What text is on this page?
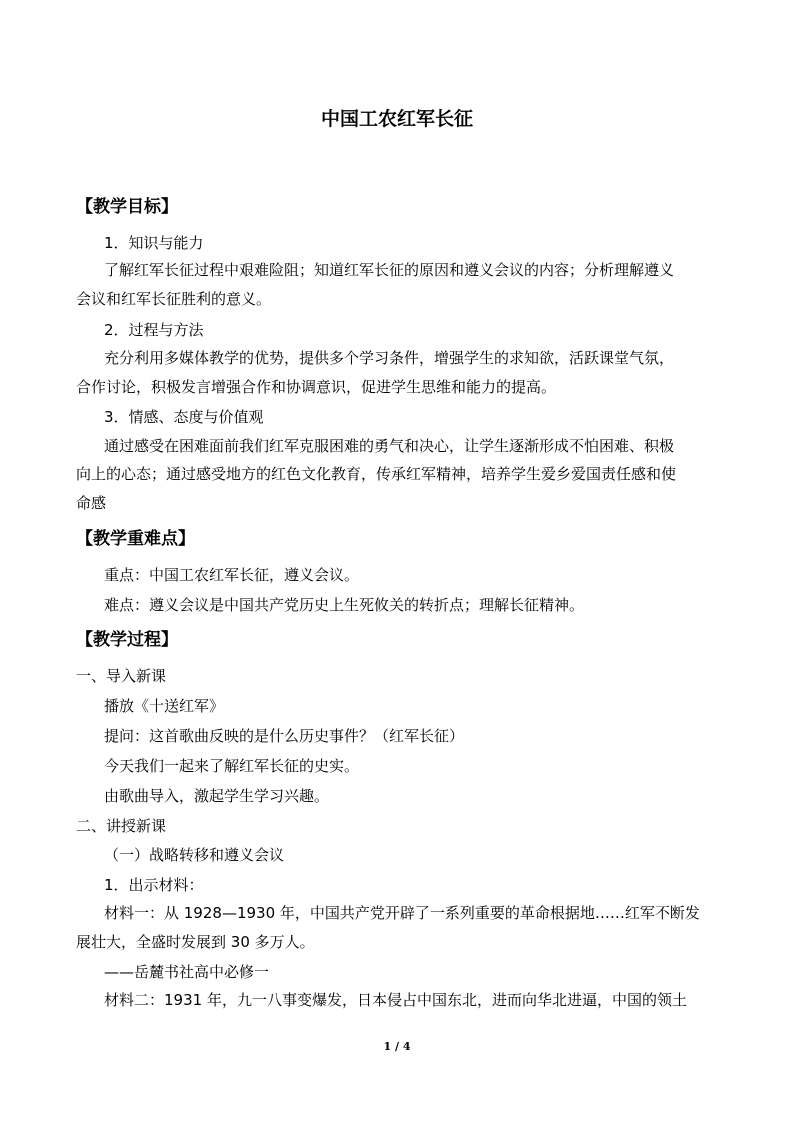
中国工农红军长征
【教学目标】
1．知识与能力
了解红军长征过程中艰难险阻；知道红军长征的原因和遵义会议的内容；分析理解遵义
会议和红军长征胜利的意义。
2．过程与方法
充分利用多媒体教学的优势，提供多个学习条件，增强学生的求知欲，活跃课堂气氛，
合作讨论，积极发言增强合作和协调意识，促进学生思维和能力的提高。
3．情感、态度与价值观
通过感受在困难面前我们红军克服困难的勇气和决心，让学生逐渐形成不怕困难、积极
向上的心态；通过感受地方的红色文化教育，传承红军精神，培养学生爱乡爱国责任感和使
命感
【教学重难点】
重点：中国工农红军长征，遵义会议。
难点：遵义会议是中国共产党历史上生死攸关的转折点；理解长征精神。
【教学过程】
一、导入新课
播放《十送红军》
提问：这首歌曲反映的是什么历史事件？（红军长征）
今天我们一起来了解红军长征的史实。
由歌曲导入，激起学生学习兴趣。
二、讲授新课
（一）战略转移和遵义会议
1．出示材料：
材料一：从 1928—1930 年，中国共产党开辟了一系列重要的革命根据地……红军不断发
展壮大，全盛时发展到 30 多万人。
——岳麓书社高中必修一
材料二：1931 年，九一八事变爆发，日本侵占中国东北，进而向华北进逼，中国的领土
1 / 4
